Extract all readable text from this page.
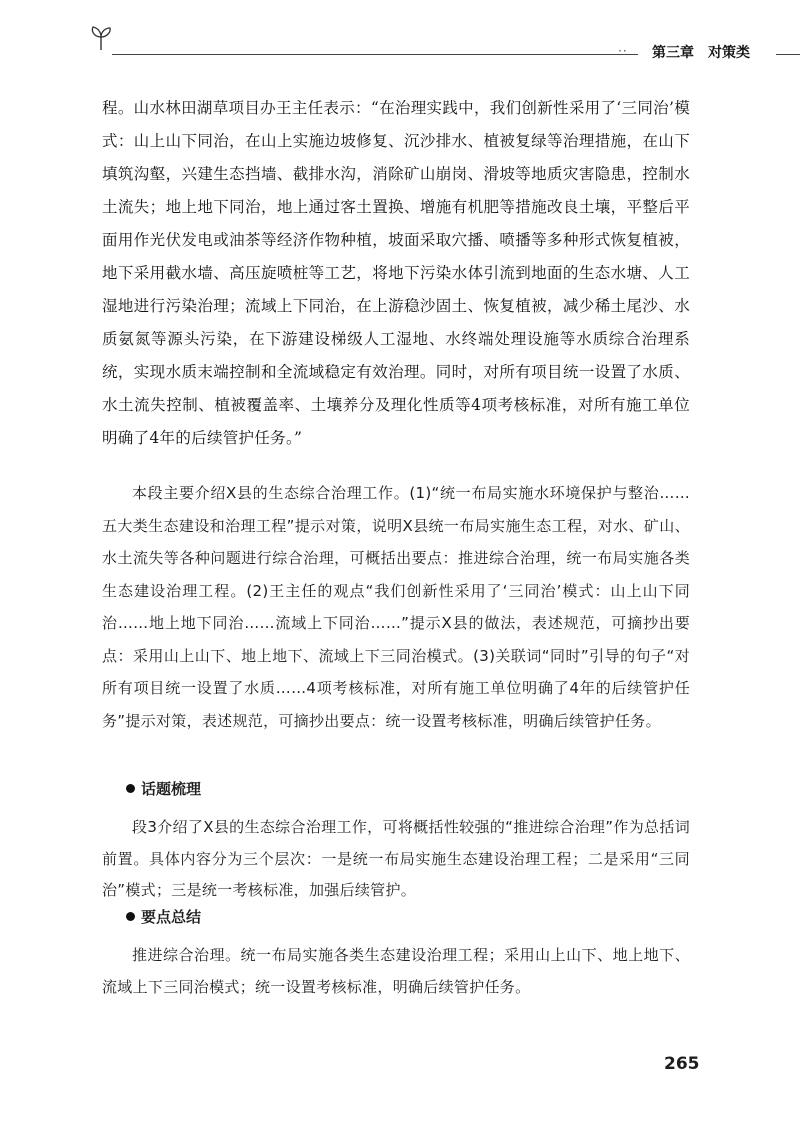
·· 第三章　对策类
程。山水林田湖草项目办王主任表示：“在治理实践中，我们创新性采用了‘三同治’模式：山上山下同治，在山上实施边坡修复、沉沙排水、植被复绿等治理措施，在山下填筑沟壑，兴建生态挡墙、截排水沟，消除矿山崩岗、滑坡等地质灾害隐患，控制水土流失；地上地下同治，地上通过客土置换、增施有机肥等措施改良土壤，平整后平面用作光伏发电或油茶等经济作物种植，坡面采取穴播、喷播等多种形式恢复植被，地下采用截水墙、高压旋喷桩等工艺，将地下污染水体引流到地面的生态水塘、人工湿地进行污染治理；流域上下同治，在上游稳沙固土、恢复植被，减少稀土尾沙、水质氨氮等源头污染，在下游建设梯级人工湿地、水终端处理设施等水质综合治理系统，实现水质末端控制和全流域稳定有效治理。同时，对所有项目统一设置了水质、水土流失控制、植被覆盖率、土壤养分及理化性质等4项考核标准，对所有施工单位明确了4年的后续管护任务。”
本段主要介绍X县的生态综合治理工作。(1)“统一布局实施水环境保护与整治……五大类生态建设和治理工程”提示对策，说明X县统一布局实施生态工程，对水、矿山、水土流失等各种问题进行综合治理，可概括出要点：推进综合治理，统一布局实施各类生态建设治理工程。(2)王主任的观点“我们创新性采用了‘三同治’模式：山上山下同治……地上地下同治……流域上下同治……”提示X县的做法，表述规范，可摘抄出要点：采用山上山下、地上地下、流域上下三同治模式。(3)关联词“同时”引导的句子“对所有项目统一设置了水质……4项考核标准，对所有施工单位明确了4年的后续管护任务”提示对策，表述规范，可摘抄出要点：统一设置考核标准，明确后续管护任务。
话题梳理
段3介绍了X县的生态综合治理工作，可将概括性较强的“推进综合治理”作为总括词前置。具体内容分为三个层次：一是统一布局实施生态建设治理工程；二是采用“三同治”模式；三是统一考核标准，加强后续管护。
要点总结
推进综合治理。统一布局实施各类生态建设治理工程；采用山上山下、地上地下、流域上下三同治模式；统一设置考核标准，明确后续管护任务。
265
